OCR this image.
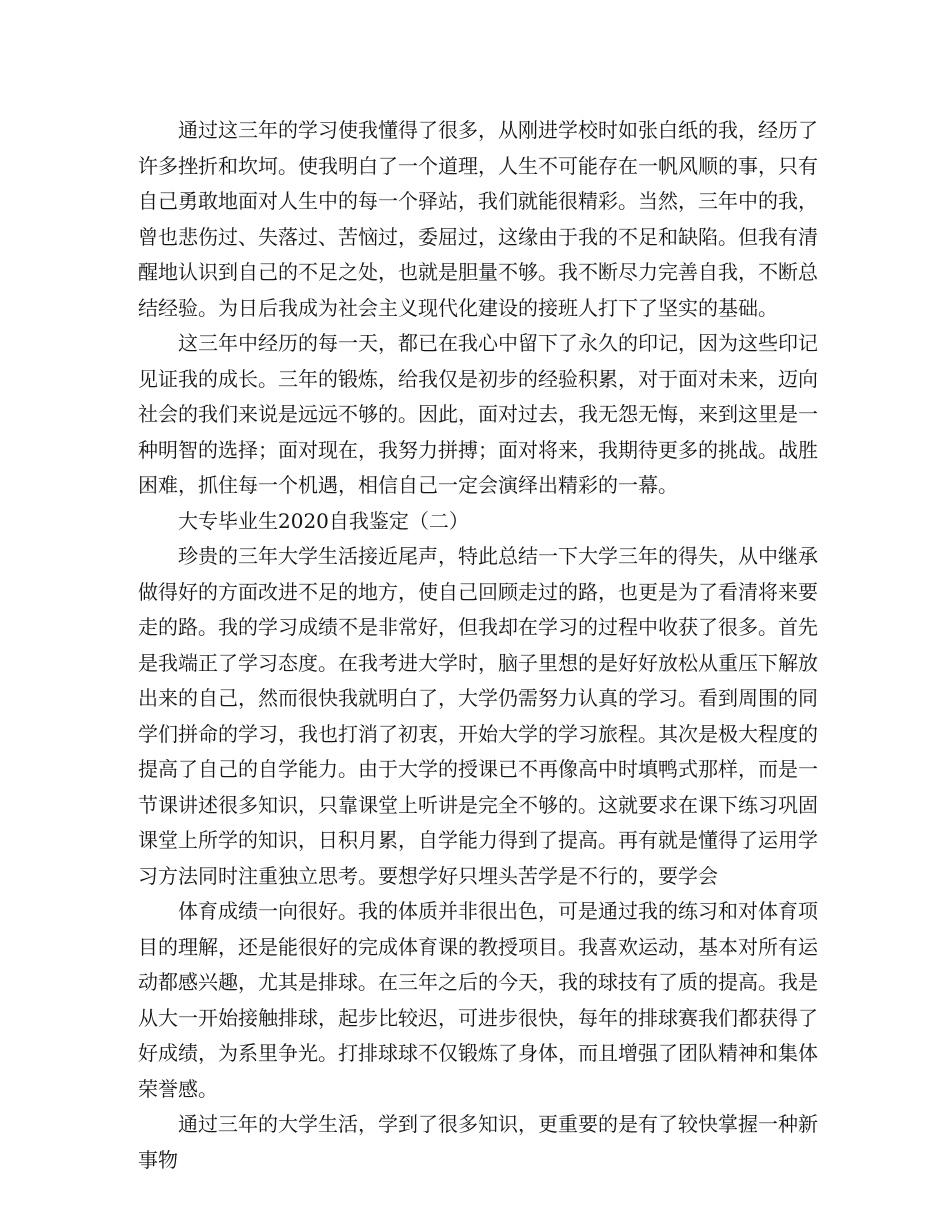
通过这三年的学习使我懂得了很多，从刚进学校时如张白纸的我，经历了许多挫折和坎坷。使我明白了一个道理，人生不可能存在一帆风顺的事，只有自己勇敢地面对人生中的每一个驿站，我们就能很精彩。当然，三年中的我，曾也悲伤过、失落过、苦恼过，委屈过，这缘由于我的不足和缺陷。但我有清醒地认识到自己的不足之处，也就是胆量不够。我不断尽力完善自我，不断总结经验。为日后我成为社会主义现代化建设的接班人打下了坚实的基础。

这三年中经历的每一天，都已在我心中留下了永久的印记，因为这些印记见证我的成长。三年的锻炼，给我仅是初步的经验积累，对于面对未来，迈向社会的我们来说是远远不够的。因此，面对过去，我无怨无悔，来到这里是一种明智的选择；面对现在，我努力拼搏；面对将来，我期待更多的挑战。战胜困难，抓住每一个机遇，相信自己一定会演绎出精彩的一幕。

大专毕业生2020自我鉴定（二）

珍贵的三年大学生活接近尾声，特此总结一下大学三年的得失，从中继承做得好的方面改进不足的地方，使自己回顾走过的路，也更是为了看清将来要走的路。我的学习成绩不是非常好，但我却在学习的过程中收获了很多。首先是我端正了学习态度。在我考进大学时，脑子里想的是好好放松从重压下解放出来的自己，然而很快我就明白了，大学仍需努力认真的学习。看到周围的同学们拼命的学习，我也打消了初衷，开始大学的学习旅程。其次是极大程度的提高了自己的自学能力。由于大学的授课已不再像高中时填鸭式那样，而是一节课讲述很多知识，只靠课堂上听讲是完全不够的。这就要求在课下练习巩固课堂上所学的知识，日积月累，自学能力得到了提高。再有就是懂得了运用学习方法同时注重独立思考。要想学好只埋头苦学是不行的，要学会

体育成绩一向很好。我的体质并非很出色，可是通过我的练习和对体育项目的理解，还是能很好的完成体育课的教授项目。我喜欢运动，基本对所有运动都感兴趣，尤其是排球。在三年之后的今天，我的球技有了质的提高。我是从大一开始接触排球，起步比较迟，可进步很快，每年的排球赛我们都获得了好成绩，为系里争光。打排球球不仅锻炼了身体，而且增强了团队精神和集体荣誉感。

通过三年的大学生活，学到了很多知识，更重要的是有了较快掌握一种新事物
